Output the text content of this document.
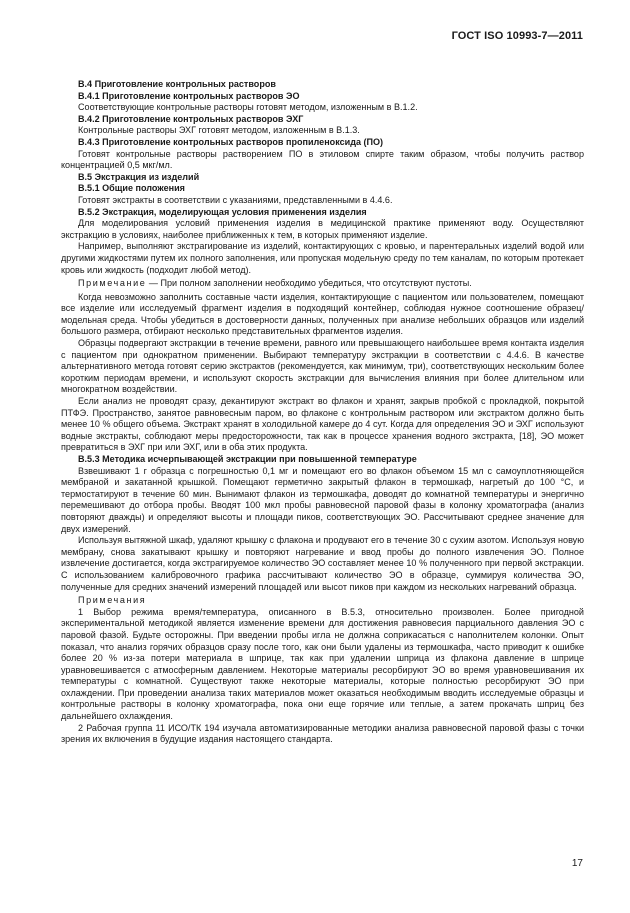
ГОСТ ISO 10993-7—2011

В.4 Приготовление контрольных растворов

В.4.1 Приготовление контрольных растворов ЭО

Соответствующие контрольные растворы готовят методом, изложенным в В.1.2.

В.4.2 Приготовление контрольных растворов ЭХГ

Контрольные растворы ЭХГ готовят методом, изложенным в В.1.3.

В.4.3 Приготовление контрольных растворов пропиленоксида (ПО)

Готовят контрольные растворы растворением ПО в этиловом спирте таким образом, чтобы получить раствор концентрацией 0,5 мкг/мл.

В.5 Экстракция из изделий

В.5.1 Общие положения

Готовят экстракты в соответствии с указаниями, представленными в 4.4.6.

В.5.2 Экстракция, моделирующая условия применения изделия

Для моделирования условий применения изделия в медицинской практике применяют воду. Осуществляют экстракцию в условиях, наиболее приближенных к тем, в которых применяют изделие.

Например, выполняют экстрагирование из изделий, контактирующих с кровью, и парентеральных изделий водой или другими жидкостями путем их полного заполнения, или пропуская модельную среду по тем каналам, по которым протекает кровь или жидкость (подходит любой метод).

Примечание — При полном заполнении необходимо убедиться, что отсутствуют пустоты.

Когда невозможно заполнить составные части изделия, контактирующие с пациентом или пользователем, помещают все изделие или исследуемый фрагмент изделия в подходящий контейнер, соблюдая нужное соотношение образец/модельная среда. Чтобы убедиться в достоверности данных, полученных при анализе небольших образцов или изделий большого размера, отбирают несколько представительных фрагментов изделия.

Образцы подвергают экстракции в течение времени, равного или превышающего наибольшее время контакта изделия с пациентом при однократном применении. Выбирают температуру экстракции в соответствии с 4.4.6. В качестве альтернативного метода готовят серию экстрактов (рекомендуется, как минимум, три), соответствующих нескольким более коротким периодам времени, и используют скорость экстракции для вычисления влияния при более длительном или многократном воздействии.

Если анализ не проводят сразу, декантируют экстракт во флакон и хранят, закрыв пробкой с прокладкой, покрытой ПТФЭ. Пространство, занятое равновесным паром, во флаконе с контрольным раствором или экстрактом должно быть менее 10 % общего объема. Экстракт хранят в холодильной камере до 4 сут. Когда для определения ЭО и ЭХГ используют водные экстракты, соблюдают меры предосторожности, так как в процессе хранения водного экстракта, [18], ЭО может превратиться в ЭХГ при или ЭХГ, или в оба этих продукта.

В.5.3 Методика исчерпывающей экстракции при повышенной температуре

Взвешивают 1 г образца с погрешностью 0,1 мг и помещают его во флакон объемом 15 мл с самоуплотняющейся мембраной и закатанной крышкой. Помещают герметично закрытый флакон в термошкаф, нагретый до 100 °С, и термостатируют в течение 60 мин. Вынимают флакон из термошкафа, доводят до комнатной температуры и энергично перемешивают до отбора пробы. Вводят 100 мкл пробы равновесной паровой фазы в колонку хроматографа (анализ повторяют дважды) и определяют высоты и площади пиков, соответствующих ЭО. Рассчитывают среднее значение для двух измерений.

Используя вытяжной шкаф, удаляют крышку с флакона и продувают его в течение 30 с сухим азотом. Используя новую мембрану, снова закатывают крышку и повторяют нагревание и ввод пробы до полного извлечения ЭО. Полное извлечение достигается, когда экстрагируемое количество ЭО составляет менее 10 % полученного при первой экстракции. С использованием калибровочного графика рассчитывают количество ЭО в образце, суммируя количества ЭО, полученные для средних значений измерений площадей или высот пиков при каждом из нескольких нагреваний образца.

Примечания

1 Выбор режима время/температура, описанного в В.5.3, относительно произволен. Более пригодной экспериментальной методикой является изменение времени для достижения равновесия парциального давления ЭО с паровой фазой. Будьте осторожны. При введении пробы игла не должна соприкасаться с наполнителем колонки. Опыт показал, что анализ горячих образцов сразу после того, как они были удалены из термошкафа, часто приводит к ошибке более 20 % из-за потери материала в шприце, так как при удалении шприца из флакона давление в шприце уравновешивается с атмосферным давлением. Некоторые материалы ресорбируют ЭО во время уравновешивания их температуры с комнатной. Существуют также некоторые материалы, которые полностью ресорбируют ЭО при охлаждении. При проведении анализа таких материалов может оказаться необходимым вводить исследуемые образцы и контрольные растворы в колонку хроматографа, пока они еще горячие или теплые, а затем прокачать шприц без дальнейшего охлаждения.

2 Рабочая группа 11 ИСО/ТК 194 изучала автоматизированные методики анализа равновесной паровой фазы с точки зрения их включения в будущие издания настоящего стандарта.

17
